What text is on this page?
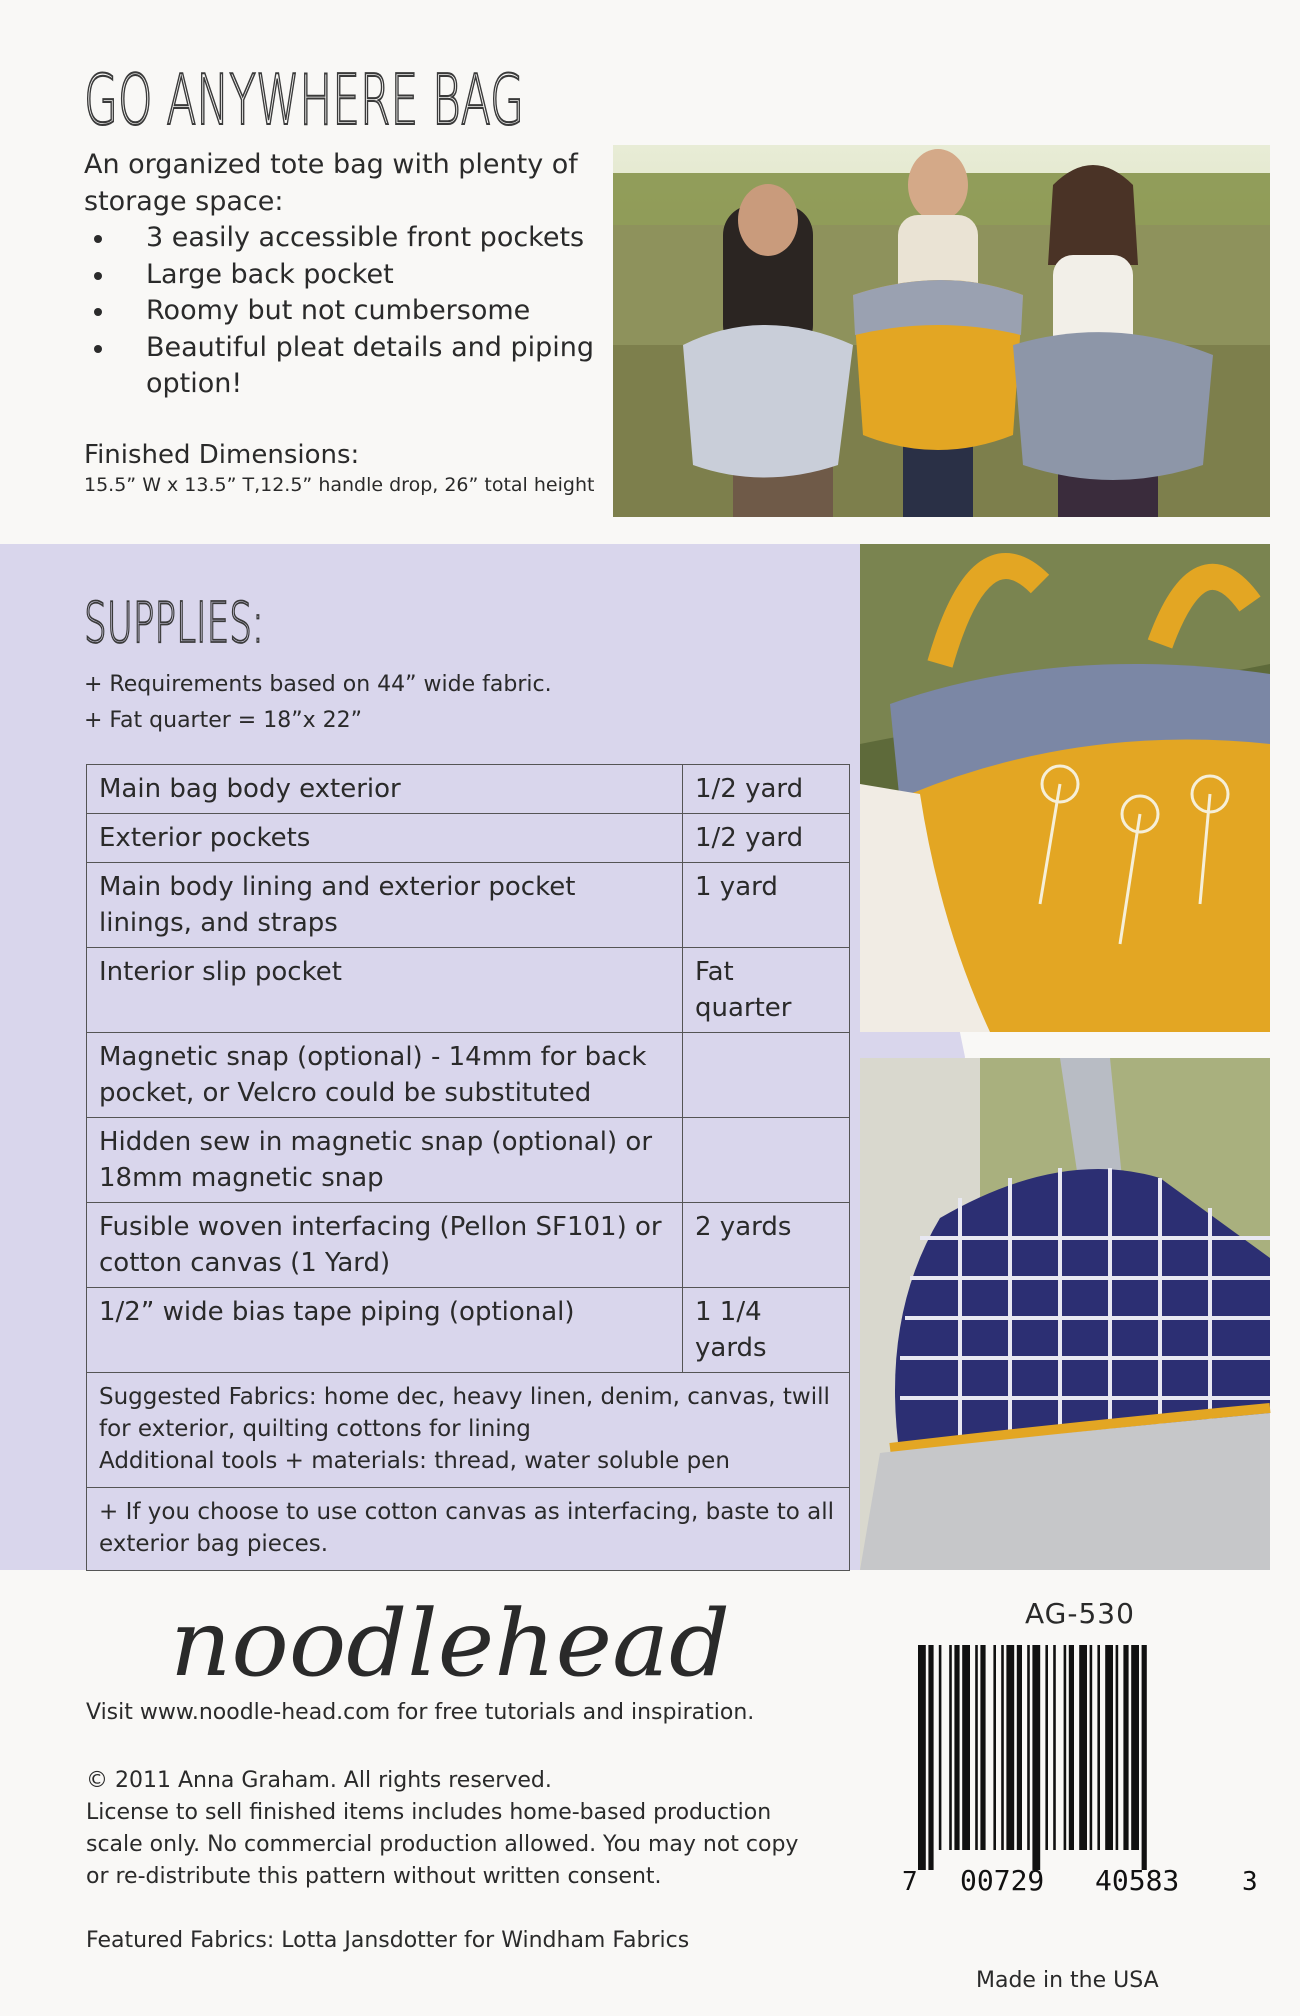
GO ANYWHERE BAG
An organized tote bag with plenty of storage space:
3 easily accessible front pockets
Large back pocket
Roomy but not cumbersome
Beautiful pleat details and piping option!
Finished Dimensions:
15.5” W x 13.5” T,12.5” handle drop, 26” total height
SUPPLIES:
+ Requirements based on 44” wide fabric.
+ Fat quarter = 18”x 22”
Main bag body exterior	1/2 yard
Exterior pockets	1/2 yard
Main body lining and exterior pocket linings, and straps	1 yard
Interior slip pocket	Fat quarter
Magnetic snap (optional) - 14mm for back pocket, or Velcro could be substituted	
Hidden sew in magnetic snap (optional) or 18mm magnetic snap	
Fusible woven interfacing (Pellon SF101) or cotton canvas (1 Yard)	2 yards
1/2” wide bias tape piping (optional)	1 1/4 yards

Suggested Fabrics: home dec, heavy linen, denim, canvas, twill
for exterior, quilting cottons for lining
Additional tools + materials: thread, water soluble pen	

+ If you choose to use cotton canvas as interfacing, baste to all exterior bag pieces.	
noodlehead
Visit www.noodle-head.com for free tutorials and inspiration.
© 2011 Anna Graham. All rights reserved.
License to sell finished items includes home-based production
scale only. No commercial production allowed. You may not copy
or re-distribute this pattern without written consent.
Featured Fabrics: Lotta Jansdotter for Windham Fabrics
AG-530
7 00729 40583 3
Made in the USA
